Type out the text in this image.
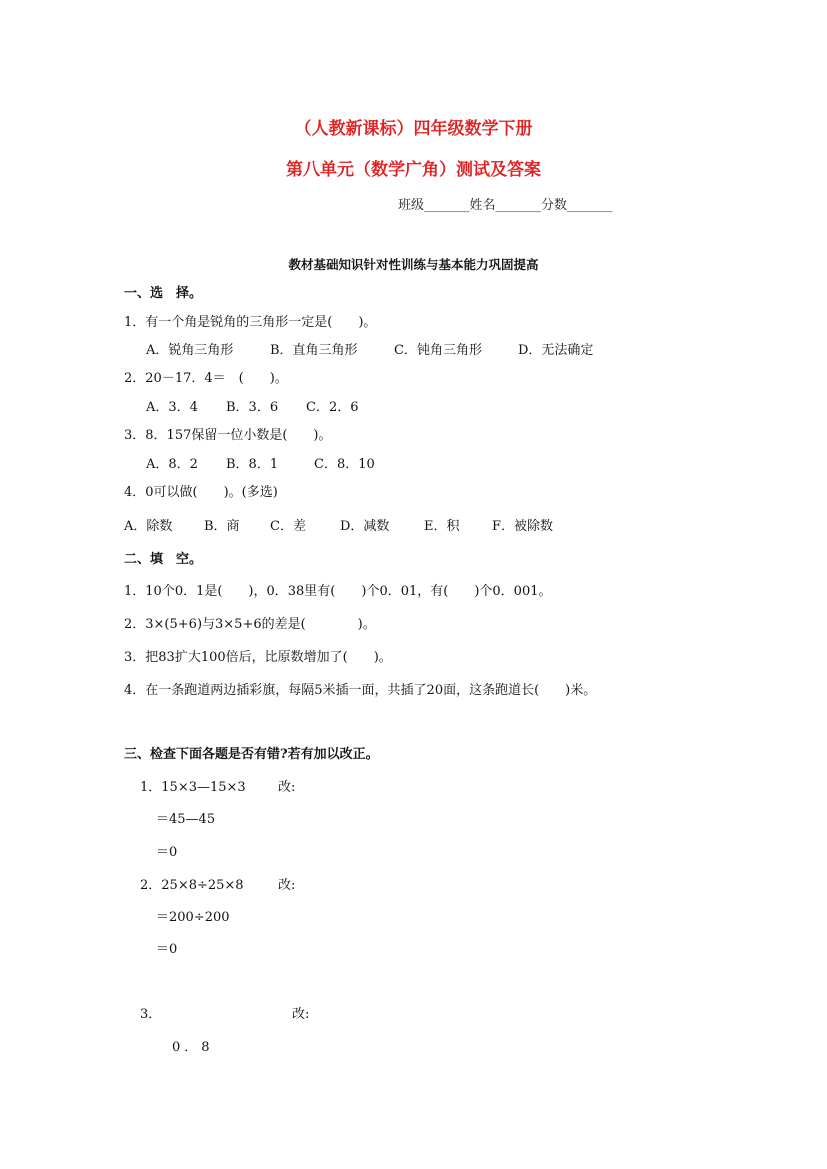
（人教新课标）四年级数学下册
第八单元（数学广角）测试及答案
班级_______姓名_______分数_______
教材基础知识针对性训练与基本能力巩固提高
一、选　择。
1．有一个角是锐角的三角形一定是(　　)。
A．锐角三角形	B．直角三角形	C．钝角三角形	D．无法确定
2．20－17．4＝　(　　)。
A．3．4 B．3．6 C．2．6
3．8．157保留一位小数是(　　)。
A．8．2 B．8．1	C．8．10
4．0可以做(　　)。(多选)
A．除数 B．商 C．差	D．减数	E．积	F．被除数
二、填　空。
1．10个0．1是(　　)，0．38里有(　　)个0．01，有(　　)个0．001。
2．3×(5+6)与3×5+6的差是(　　　　)。
3．把83扩大100倍后，比原数增加了(　　)。
4．在一条跑道两边插彩旗，每隔5米插一面，共插了20面，这条跑道长(　　)米。
三、检查下面各题是否有错?若有加以改正。
1．15×3—15×3 改:
＝45—45
＝0
2．25×8÷25×8	改:
＝200÷200
＝0
3．	改:
0．8
